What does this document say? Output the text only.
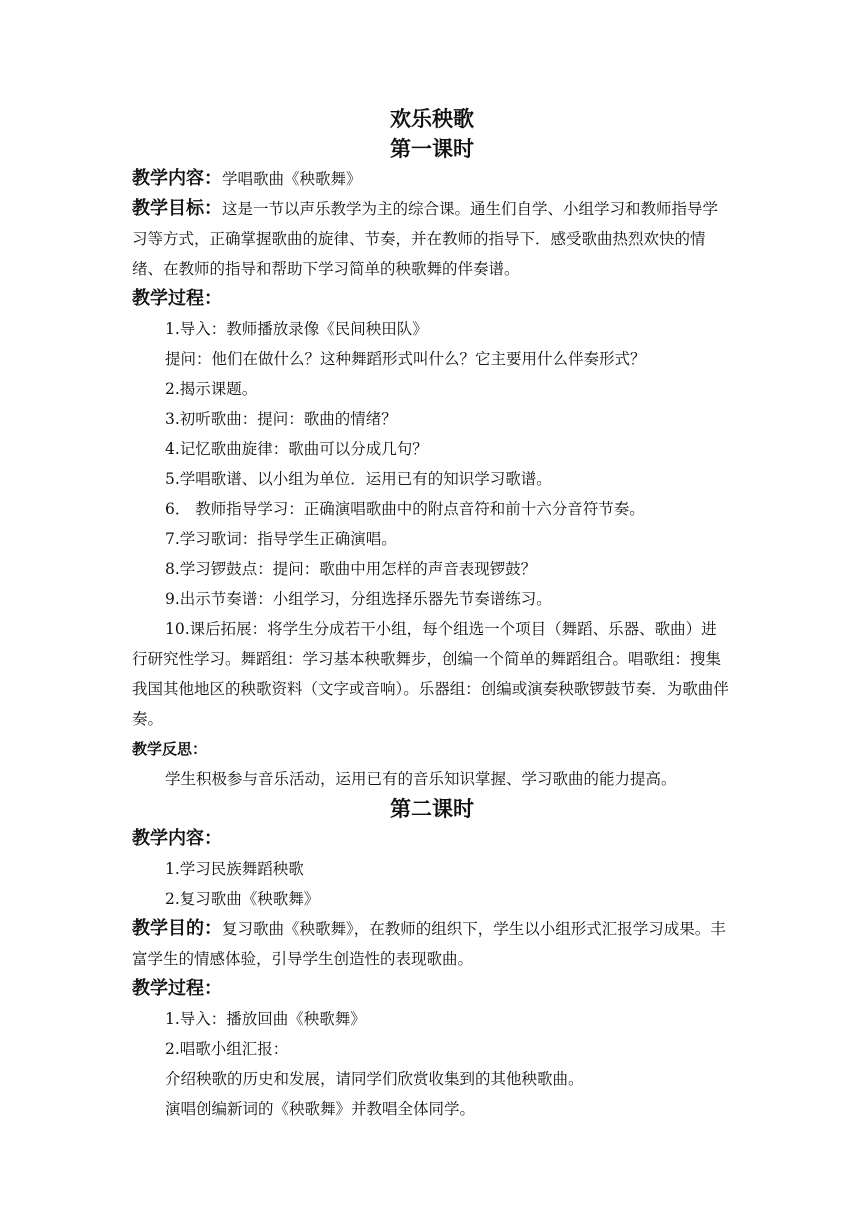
欢乐秧歌
第一课时

教学内容：学唱歌曲《秧歌舞》

教学目标：这是一节以声乐教学为主的综合课。通生们自学、小组学习和教师指导学习等方式，正确掌握歌曲的旋律、节奏，并在教师的指导下．感受歌曲热烈欢快的情绪、在教师的指导和帮助下学习简单的秧歌舞的伴奏谱。

教学过程：

1.导入：教师播放录像《民间秧田队》

提问：他们在做什么？这种舞蹈形式叫什么？它主要用什么伴奏形式？

2.揭示课题。

3.初听歌曲：提问：歌曲的情绪？

4.记忆歌曲旋律：歌曲可以分成几句？

5.学唱歌谱、以小组为单位．运用已有的知识学习歌谱。

6． 教师指导学习：正确演唱歌曲中的附点音符和前十六分音符节奏。

7.学习歌词：指导学生正确演唱。

8.学习锣鼓点：提问：歌曲中用怎样的声音表现锣鼓？

9.出示节奏谱：小组学习，分组选择乐器先节奏谱练习。

10.课后拓展：将学生分成若干小组，每个组选一个项目（舞蹈、乐器、歌曲）进行研究性学习。舞蹈组：学习基本秧歌舞步，创编一个简单的舞蹈组合。唱歌组：搜集我国其他地区的秧歌资料（文字或音响）。乐器组：创编或演奏秧歌锣鼓节奏．为歌曲伴奏。

教学反思：

学生积极参与音乐活动，运用已有的音乐知识掌握、学习歌曲的能力提高。

第二课时

教学内容：

1.学习民族舞蹈秧歌

2.复习歌曲《秧歌舞》

教学目的：复习歌曲《秧歌舞》，在教师的组织下，学生以小组形式汇报学习成果。丰富学生的情感体验，引导学生创造性的表现歌曲。

教学过程：

1.导入：播放回曲《秧歌舞》

2.唱歌小组汇报：

介绍秧歌的历史和发展，请同学们欣赏收集到的其他秧歌曲。

演唱创编新词的《秧歌舞》并教唱全体同学。
